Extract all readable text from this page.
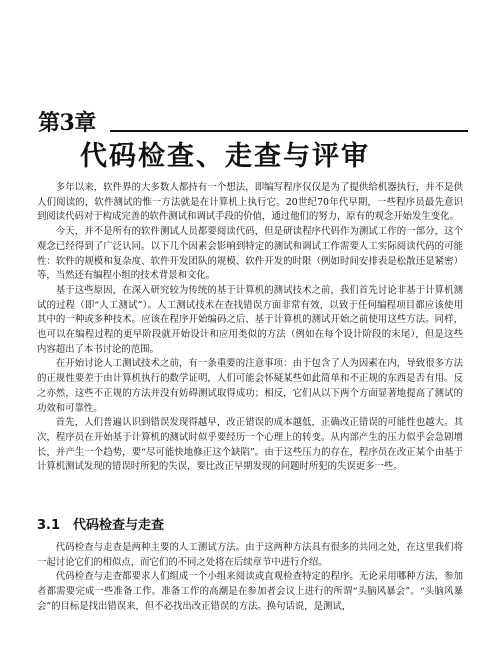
第3章
代码检查、走查与评审

多年以来，软件界的大多数人都持有一个想法，即编写程序仅仅是为了提供给机器执行，并不是供人们阅读的，软件测试的惟一方法就是在计算机上执行它。20世纪70年代早期，一些程序员最先意识到阅读代码对于构成完善的软件测试和调试手段的价值，通过他们的努力，原有的观念开始发生变化。

今天，并不是所有的软件测试人员都要阅读代码，但是研读程序代码作为测试工作的一部分，这个观念已经得到了广泛认同。以下几个因素会影响到特定的测试和调试工作需要人工实际阅读代码的可能性：软件的规模和复杂度、软件开发团队的规模、软件开发的时限（例如时间安排表是松散还是紧密）等，当然还有编程小组的技术背景和文化。

基于这些原因，在深入研究较为传统的基于计算机的测试技术之前，我们首先讨论非基于计算机测试的过程（即“人工测试”）。人工测试技术在查找错误方面非常有效，以致于任何编程项目都应该使用其中的一种或多种技术。应该在程序开始编码之后、基于计算机的测试开始之前使用这些方法。同样，也可以在编程过程的更早阶段就开始设计和应用类似的方法（例如在每个设计阶段的末尾），但是这些内容超出了本书讨论的范围。

在开始讨论人工测试技术之前，有一条重要的注意事项：由于包含了人为因素在内，导致很多方法的正规性要差于由计算机执行的数学证明，人们可能会怀疑某些如此简单和不正规的东西是否有用。反之亦然，这些不正规的方法并没有妨碍测试取得成功；相反，它们从以下两个方面显著地提高了测试的功效和可靠性。

首先，人们普遍认识到错误发现得越早，改正错误的成本越低，正确改正错误的可能性也越大。其次，程序员在开始基于计算机的测试时似乎要经历一个心理上的转变。从内部产生的压力似乎会急剧增长，并产生一个趋势，要“尽可能快地修正这个缺陷”。由于这些压力的存在，程序员在改正某个由基于计算机测试发现的错误时所犯的失误，要比改正早期发现的问题时所犯的失误更多一些。

3.1 代码检查与走查

代码检查与走查是两种主要的人工测试方法。由于这两种方法具有很多的共同之处，在这里我们将一起讨论它们的相似点，而它们的不同之处将在后续章节中进行介绍。

代码检查与走查都要求人们组成一个小组来阅读或直观检查特定的程序。无论采用哪种方法，参加者都需要完成一些准备工作。准备工作的高潮是在参加者会议上进行的所谓“头脑风暴会”。“头脑风暴会”的目标是找出错误来，但不必找出改正错误的方法。换句话说，是测试，
